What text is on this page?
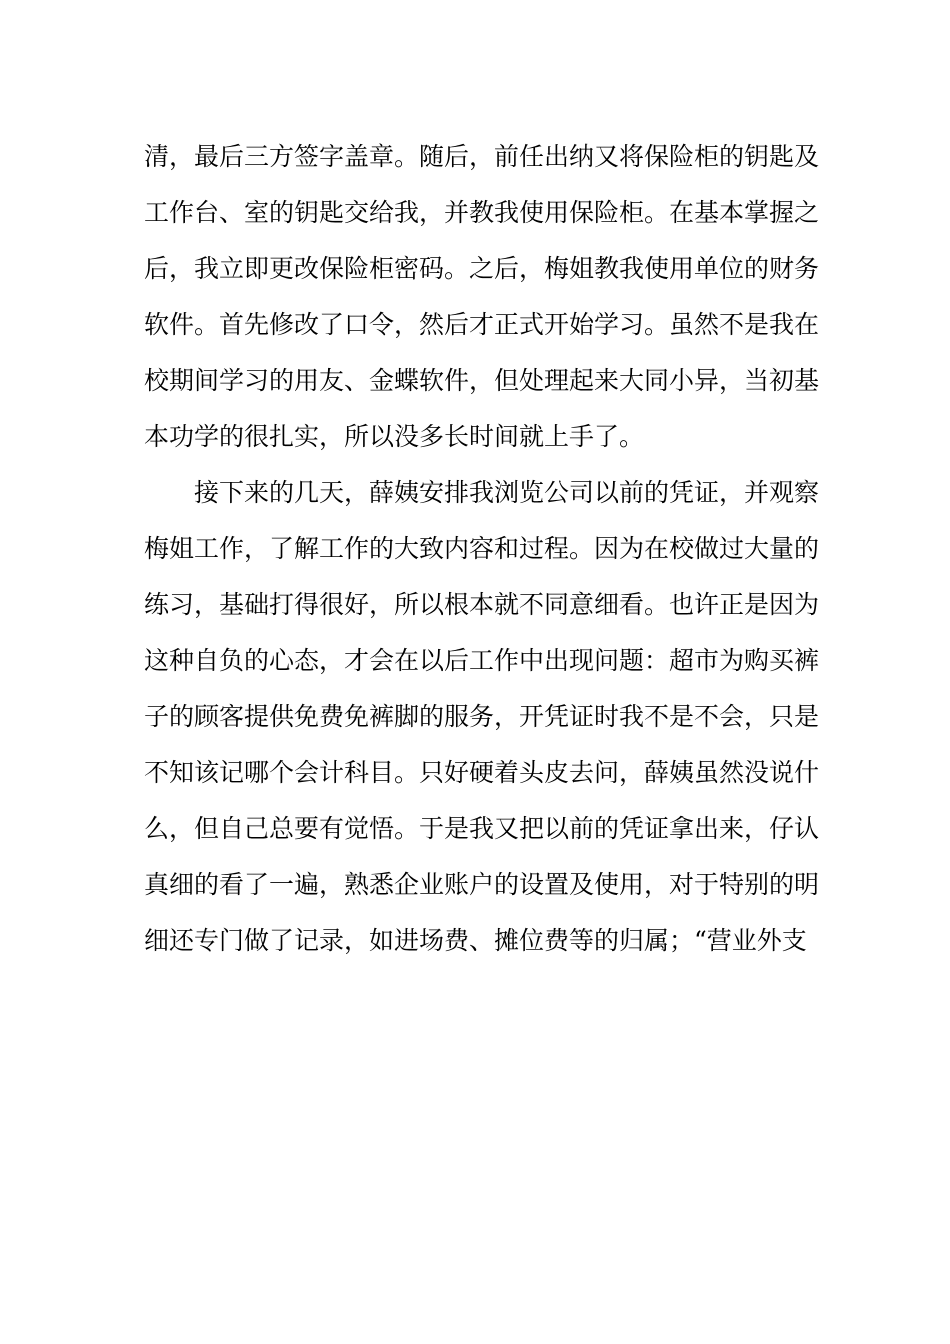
清，最后三方签字盖章。随后，前任出纳又将保险柜的钥匙及
工作台、室的钥匙交给我，并教我使用保险柜。在基本掌握之
后，我立即更改保险柜密码。之后，梅姐教我使用单位的财务
软件。首先修改了口令，然后才正式开始学习。虽然不是我在
校期间学习的用友、金蝶软件，但处理起来大同小异，当初基
本功学的很扎实，所以没多长时间就上手了。
接下来的几天，薛姨安排我浏览公司以前的凭证，并观察
梅姐工作，了解工作的大致内容和过程。因为在校做过大量的
练习，基础打得很好，所以根本就不同意细看。也许正是因为
这种自负的心态，才会在以后工作中出现问题：超市为购买裤
子的顾客提供免费免裤脚的服务，开凭证时我不是不会，只是
不知该记哪个会计科目。只好硬着头皮去问，薛姨虽然没说什
么，但自己总要有觉悟。于是我又把以前的凭证拿出来，仔认
真细的看了一遍，熟悉企业账户的设置及使用，对于特别的明
细还专门做了记录，如进场费、摊位费等的归属；“营业外支
